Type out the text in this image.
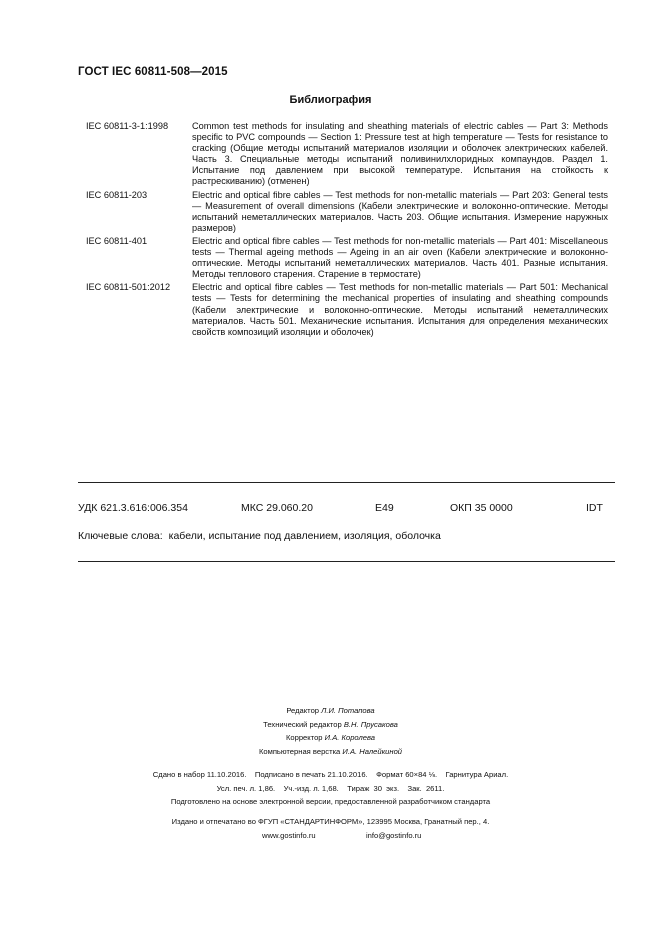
ГОСТ IEC 60811-508—2015
Библиография
IEC 60811-3-1:1998	Common test methods for insulating and sheathing materials of electric cables — Part 3: Methods specific to PVC compounds — Section 1: Pressure test at high temperature — Tests for resistance to cracking (Общие методы испытаний материалов изоляции и оболочек электрических кабелей. Часть 3. Специальные методы испытаний поливинилхлоридных компаундов. Раздел 1. Испытание под давлением при высокой температуре. Испытания на стойкость к растрескиванию) (отменен)
IEC 60811-203	Electric and optical fibre cables — Test methods for non-metallic materials — Part 203: General tests — Measurement of overall dimensions (Кабели электрические и волоконно-оптические. Методы испытаний неметаллических материалов. Часть 203. Общие испытания. Измерение наружных размеров)
IEC 60811-401	Electric and optical fibre cables — Test methods for non-metallic materials — Part 401: Miscellaneous tests — Thermal ageing methods — Ageing in an air oven (Кабели электрические и волоконно-оптические. Методы испытаний неметаллических материалов. Часть 401. Разные испытания. Методы теплового старения. Старение в термостате)
IEC 60811-501:2012	Electric and optical fibre cables — Test methods for non-metallic materials — Part 501: Mechanical tests — Tests for determining the mechanical properties of insulating and sheathing compounds (Кабели электрические и волоконно-оптические. Методы испытаний неметаллических материалов. Часть 501. Механические испытания. Испытания для определения механических свойств композиций изоляции и оболочек)
УДК 621.3.616:006.354	МКС 29.060.20	Е49	ОКП 35 0000	IDT
Ключевые слова: кабели, испытание под давлением, изоляция, оболочка
Редактор Л.И. Потапова
Технический редактор В.Н. Прусакова
Корректор И.А. Королева
Компьютерная верстка И.А. Налейкиной
Сдано в набор 11.10.2016.    Подписано в печать 21.10.2016.    Формат 60×84 ⅛.    Гарнитура Ариал.
Усл. печ. л. 1,86.    Уч.-изд. л. 1,68.    Тираж  30  экз.    Зак.  2611.
Подготовлено на основе электронной версии, предоставленной разработчиком стандарта
Издано и отпечатано во ФГУП «СТАНДАРТИНФОРМ», 123995 Москва, Гранатный пер., 4.
www.gostinfo.ru	info@gostinfo.ru
